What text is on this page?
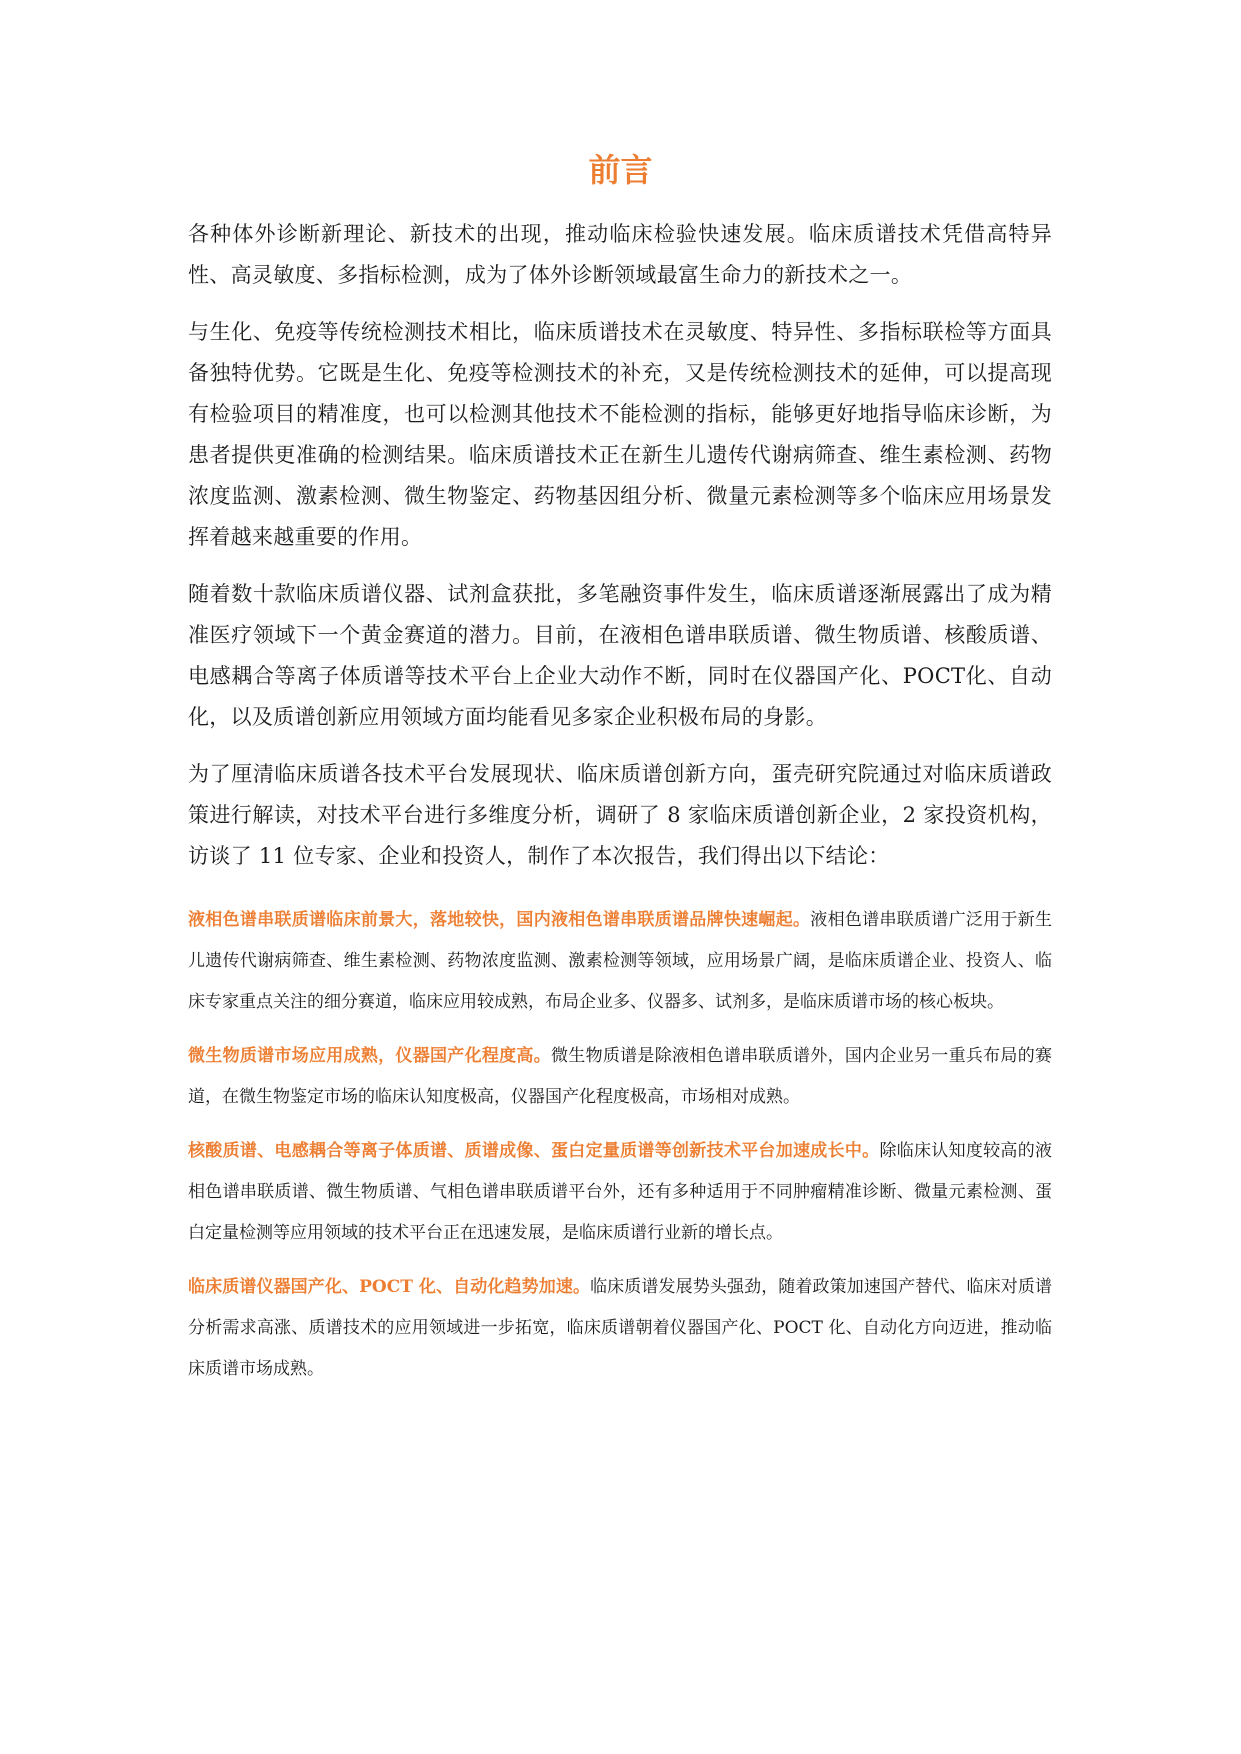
前言

各种体外诊断新理论、新技术的出现，推动临床检验快速发展。临床质谱技术凭借高特异性、高灵敏度、多指标检测，成为了体外诊断领域最富生命力的新技术之一。

与生化、免疫等传统检测技术相比，临床质谱技术在灵敏度、特异性、多指标联检等方面具备独特优势。它既是生化、免疫等检测技术的补充，又是传统检测技术的延伸，可以提高现有检验项目的精准度，也可以检测其他技术不能检测的指标，能够更好地指导临床诊断，为患者提供更准确的检测结果。临床质谱技术正在新生儿遗传代谢病筛查、维生素检测、药物浓度监测、激素检测、微生物鉴定、药物基因组分析、微量元素检测等多个临床应用场景发挥着越来越重要的作用。

随着数十款临床质谱仪器、试剂盒获批，多笔融资事件发生，临床质谱逐渐展露出了成为精准医疗领域下一个黄金赛道的潜力。目前，在液相色谱串联质谱、微生物质谱、核酸质谱、电感耦合等离子体质谱等技术平台上企业大动作不断，同时在仪器国产化、POCT化、自动化，以及质谱创新应用领域方面均能看见多家企业积极布局的身影。

为了厘清临床质谱各技术平台发展现状、临床质谱创新方向，蛋壳研究院通过对临床质谱政策进行解读，对技术平台进行多维度分析，调研了 8 家临床质谱创新企业，2 家投资机构，访谈了 11 位专家、企业和投资人，制作了本次报告，我们得出以下结论：

液相色谱串联质谱临床前景大，落地较快，国内液相色谱串联质谱品牌快速崛起。液相色谱串联质谱广泛用于新生儿遗传代谢病筛查、维生素检测、药物浓度监测、激素检测等领域，应用场景广阔，是临床质谱企业、投资人、临床专家重点关注的细分赛道，临床应用较成熟，布局企业多、仪器多、试剂多，是临床质谱市场的核心板块。

微生物质谱市场应用成熟，仪器国产化程度高。微生物质谱是除液相色谱串联质谱外，国内企业另一重兵布局的赛道，在微生物鉴定市场的临床认知度极高，仪器国产化程度极高，市场相对成熟。

核酸质谱、电感耦合等离子体质谱、质谱成像、蛋白定量质谱等创新技术平台加速成长中。除临床认知度较高的液相色谱串联质谱、微生物质谱、气相色谱串联质谱平台外，还有多种适用于不同肿瘤精准诊断、微量元素检测、蛋白定量检测等应用领域的技术平台正在迅速发展，是临床质谱行业新的增长点。

临床质谱仪器国产化、POCT 化、自动化趋势加速。临床质谱发展势头强劲，随着政策加速国产替代、临床对质谱分析需求高涨、质谱技术的应用领域进一步拓宽，临床质谱朝着仪器国产化、POCT 化、自动化方向迈进，推动临床质谱市场成熟。
